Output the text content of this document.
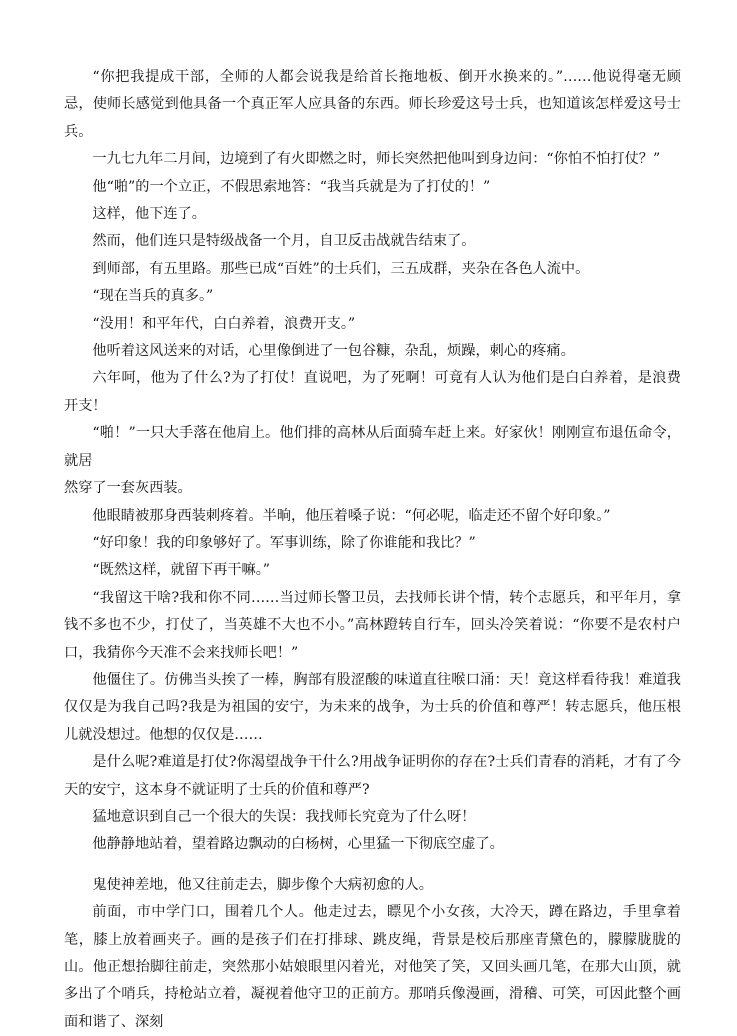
“你把我提成干部，全师的人都会说我是给首长拖地板、倒开水换来的。”……他说得毫无顾忌，使师长感觉到他具备一个真正军人应具备的东西。师长珍爱这号士兵，也知道该怎样爱这号士兵。

一九七九年二月间，边境到了有火即燃之时，师长突然把他叫到身边问：“你怕不怕打仗？”

他“啪”的一个立正，不假思索地答：“我当兵就是为了打仗的！”

这样，他下连了。

然而，他们连只是特级战备一个月，自卫反击战就告结束了。

到师部，有五里路。那些已成“百姓”的士兵们，三五成群，夹杂在各色人流中。

“现在当兵的真多。”

“没用！和平年代，白白养着，浪费开支。”

他听着这风送来的对话，心里像倒进了一包谷糠，杂乱，烦躁，刺心的疼痛。

六年呵，他为了什么?为了打仗！直说吧，为了死啊！可竟有人认为他们是白白养着，是浪费开支！

“啪！”一只大手落在他肩上。他们排的高林从后面骑车赶上来。好家伙！刚刚宣布退伍命令，就居

然穿了一套灰西装。

他眼睛被那身西装刺疼着。半晌，他压着嗓子说：“何必呢，临走还不留个好印象。”

“好印象！我的印象够好了。军事训练，除了你谁能和我比？”

“既然这样，就留下再干嘛。”

“我留这干啥?我和你不同……当过师长警卫员，去找师长讲个情，转个志愿兵，和平年月，拿钱不多也不少，打仗了，当英雄不大也不小。”高林蹬转自行车，回头冷笑着说：“你要不是农村户口，我猜你今天准不会来找师长吧！”

他僵住了。仿佛当头挨了一棒，胸部有股涩酸的味道直往喉口涌：天！竟这样看待我！难道我仅仅是为我自己吗?我是为祖国的安宁，为未来的战争，为士兵的价值和尊严！转志愿兵，他压根儿就没想过。他想的仅仅是……

是什么呢?难道是打仗?你渴望战争干什么?用战争证明你的存在?士兵们青春的消耗，才有了今天的安宁，这本身不就证明了士兵的价值和尊严?

猛地意识到自己一个很大的失误：我找师长究竟为了什么呀！

他静静地站着，望着路边飘动的白杨树，心里猛一下彻底空虚了。

鬼使神差地，他又往前走去，脚步像个大病初愈的人。

前面，市中学门口，围着几个人。他走过去，瞟见个小女孩，大冷天，蹲在路边，手里拿着笔，膝上放着画夹子。画的是孩子们在打排球、跳皮绳，背景是校后那座青黛色的，朦朦胧胧的山。他正想抬脚往前走，突然那小姑娘眼里闪着光，对他笑了笑，又回头画几笔，在那大山顶，就多出了个哨兵，持枪站立着，凝视着他守卫的正前方。那哨兵像漫画，滑稽、可笑，可因此整个画面和谐了、深刻
